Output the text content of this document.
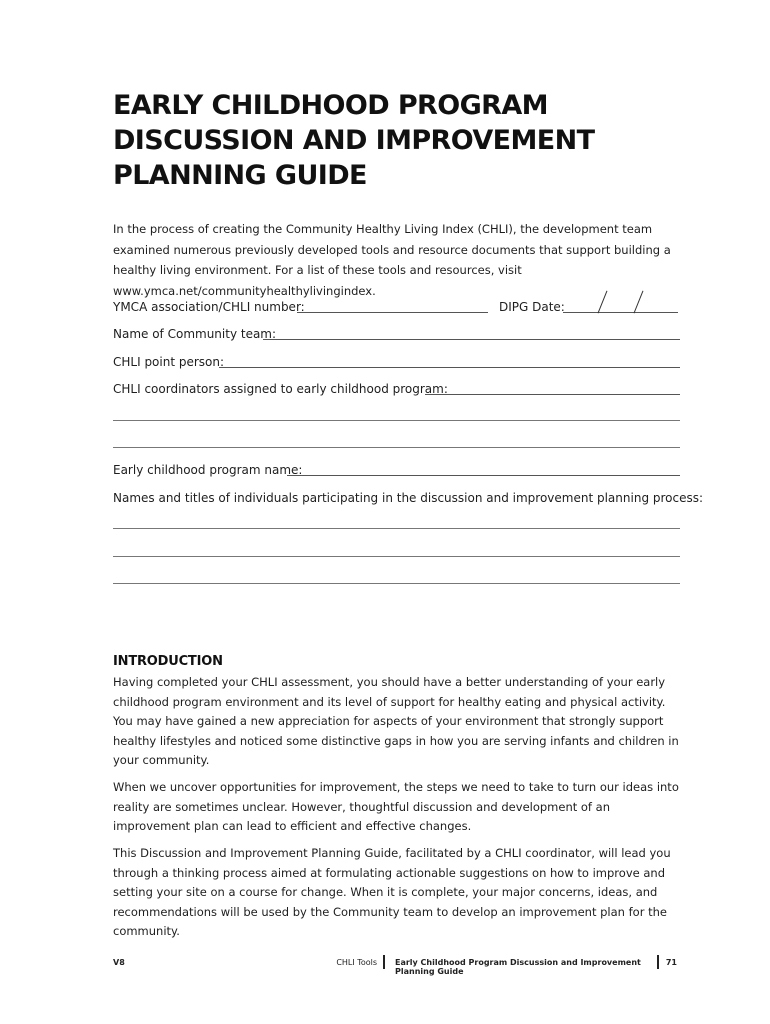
EARLY CHILDHOOD PROGRAM
DISCUSSION AND IMPROVEMENT
PLANNING GUIDE
In the process of creating the Community Healthy Living Index (CHLI), the development team examined numerous previously developed tools and resource documents that support building a healthy living environment. For a list of these tools and resources, visit www.ymca.net/communityhealthylivingindex.
YMCA association/CHLI number:	DIPG Date:
Name of Community team:
CHLI point person:
CHLI coordinators assigned to early childhood program:
Early childhood program name:
Names and titles of individuals participating in the discussion and improvement planning process:
INTRODUCTION
Having completed your CHLI assessment, you should have a better understanding of your early childhood program environment and its level of support for healthy eating and physical activity. You may have gained a new appreciation for aspects of your environment that strongly support healthy lifestyles and noticed some distinctive gaps in how you are serving infants and children in your community.
When we uncover opportunities for improvement, the steps we need to take to turn our ideas into reality are sometimes unclear. However, thoughtful discussion and development of an improvement plan can lead to efficient and effective changes.
This Discussion and Improvement Planning Guide, facilitated by a CHLI coordinator, will lead you through a thinking process aimed at formulating actionable suggestions on how to improve and setting your site on a course for change. When it is complete, your major concerns, ideas, and recommendations will be used by the Community team to develop an improvement plan for the community.
V8	CHLI Tools Early Childhood Program Discussion and Improvement Planning Guide
71
